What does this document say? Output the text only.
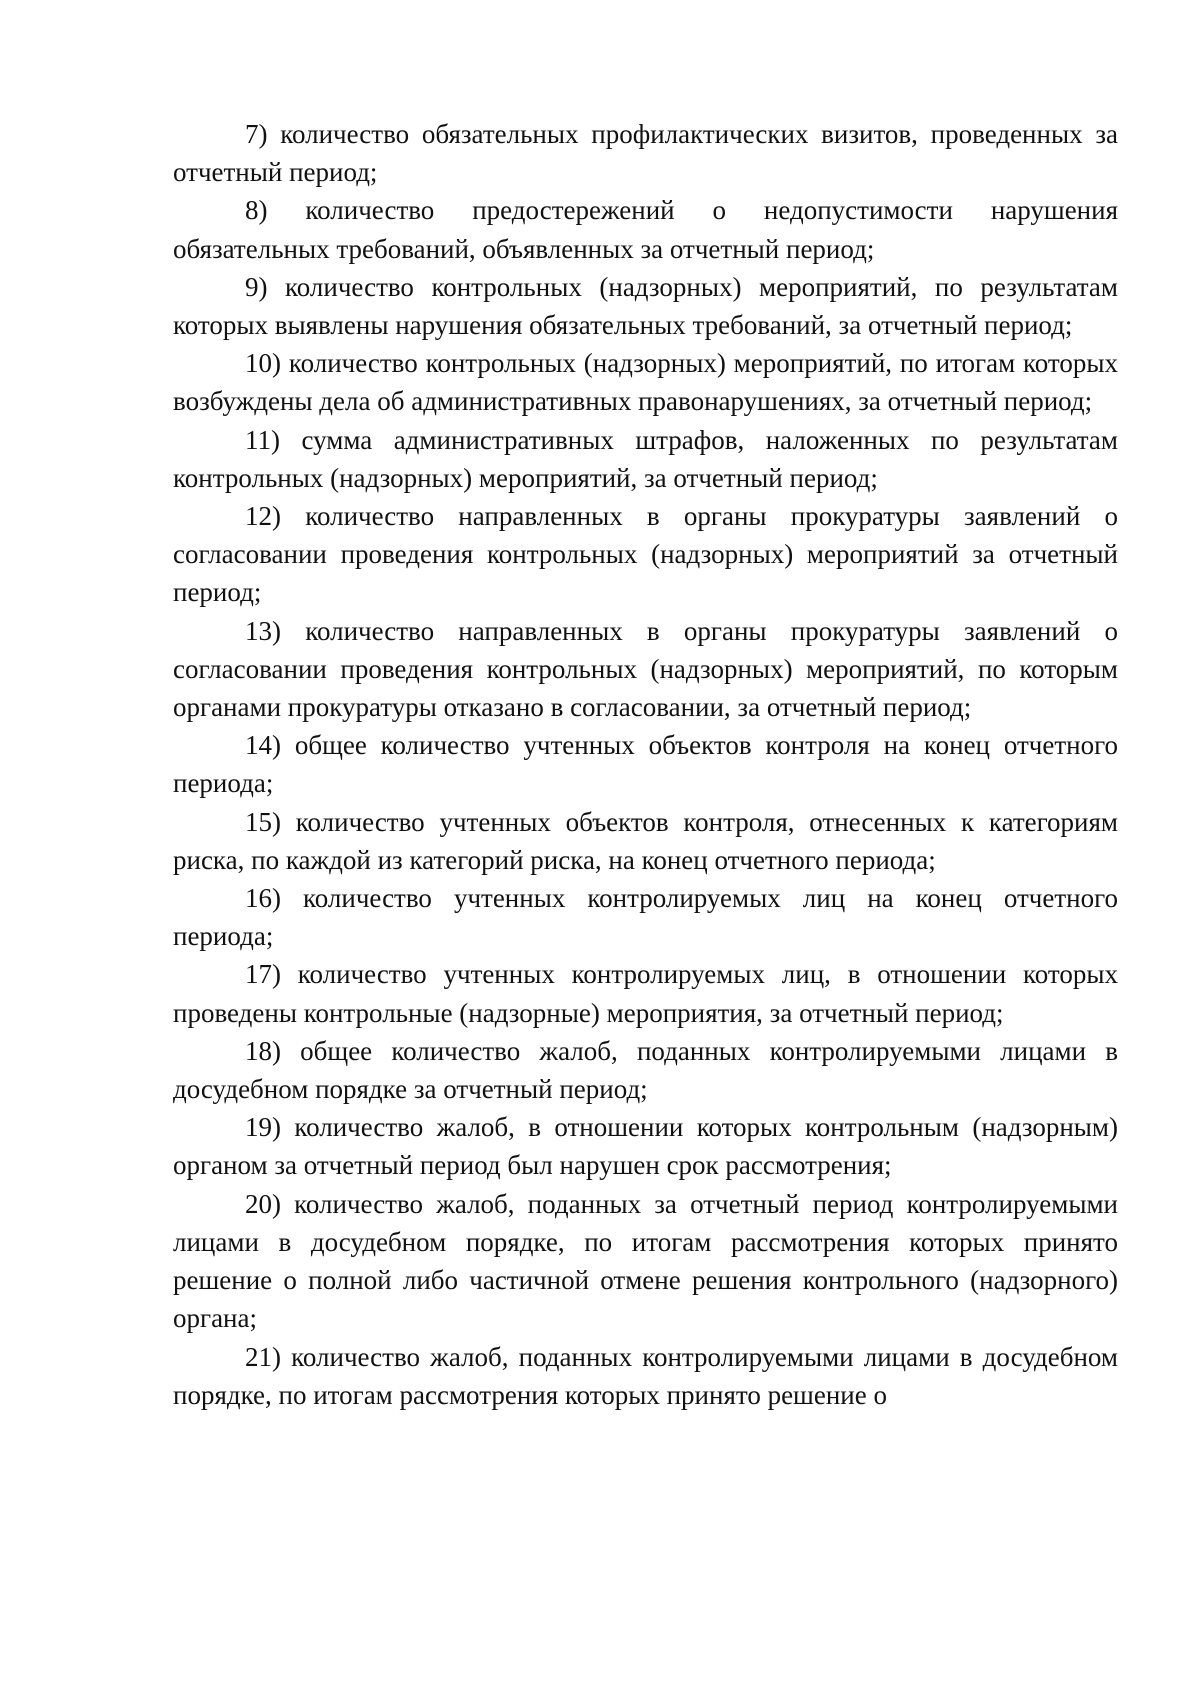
7) количество обязательных профилактических визитов, проведенных за отчетный период;

8) количество предостережений о недопустимости нарушения обязательных требований, объявленных за отчетный период;

9) количество контрольных (надзорных) мероприятий, по результатам которых выявлены нарушения обязательных требований, за отчетный период;

10) количество контрольных (надзорных) мероприятий, по итогам которых возбуждены дела об административных правонарушениях, за отчетный период;

11) сумма административных штрафов, наложенных по результатам контрольных (надзорных) мероприятий, за отчетный период;

12) количество направленных в органы прокуратуры заявлений о согласовании проведения контрольных (надзорных) мероприятий за отчетный период;

13) количество направленных в органы прокуратуры заявлений о согласовании проведения контрольных (надзорных) мероприятий, по которым органами прокуратуры отказано в согласовании, за отчетный период;

14) общее количество учтенных объектов контроля на конец отчетного периода;

15) количество учтенных объектов контроля, отнесенных к категориям риска, по каждой из категорий риска, на конец отчетного периода;

16) количество учтенных контролируемых лиц на конец отчетного периода;

17) количество учтенных контролируемых лиц, в отношении которых проведены контрольные (надзорные) мероприятия, за отчетный период;

18) общее количество жалоб, поданных контролируемыми лицами в досудебном порядке за отчетный период;

19) количество жалоб, в отношении которых контрольным (надзорным) органом за отчетный период был нарушен срок рассмотрения;

20) количество жалоб, поданных за отчетный период контролируемыми лицами в досудебном порядке, по итогам рассмотрения которых принято решение о полной либо частичной отмене решения контрольного (надзорного) органа;

21) количество жалоб, поданных контролируемыми лицами в досудебном порядке, по итогам рассмотрения которых принято решение о
